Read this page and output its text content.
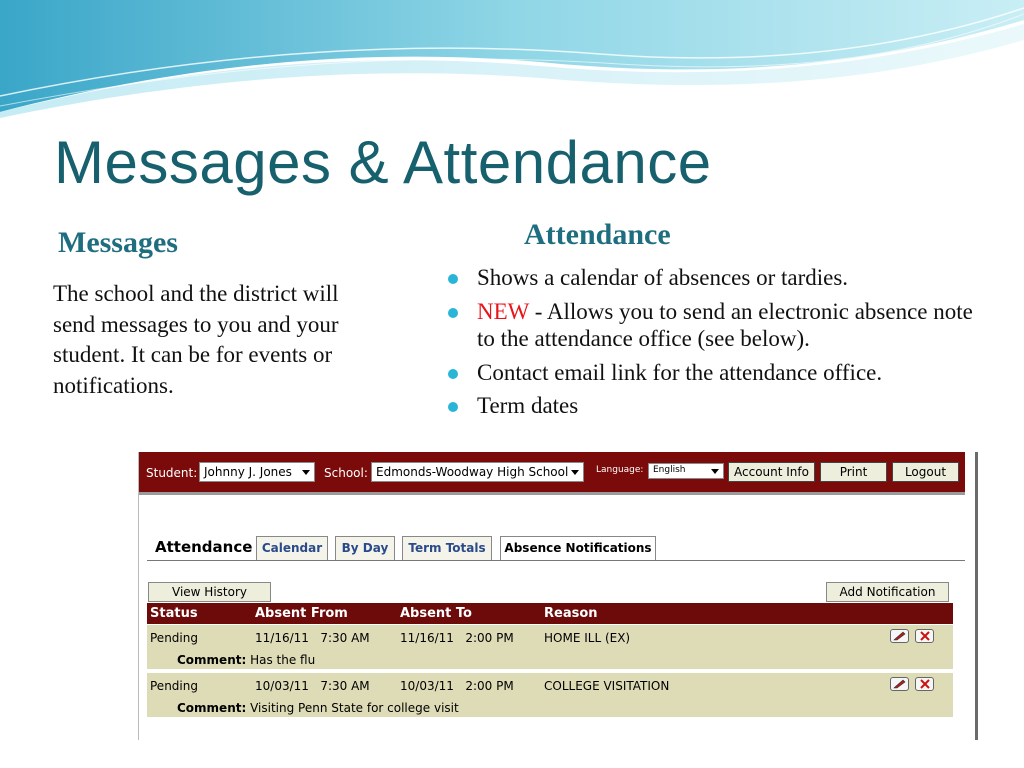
Messages & Attendance
Messages	Attendance
The school and the district will send messages to you and your student. It can be for events or notifications.
Shows a calendar of absences or tardies.
NEW - Allows you to send an electronic absence note to the attendance office (see below).
Contact email link for the attendance office.
Term dates
Student: Johnny J. Jones	School: Edmonds-Woodway High School	Language:	English	Account Info	Print	Logout
Attendance Calendar	By Day	Term Totals	Absence Notifications
View History	Add Notification
Status	Absent From	Absent To	Reason
Pending	11/16/11   7:30 AM	11/16/11   2:00 PM	HOME ILL (EX)
Comment: Has the flu
Pending	10/03/11   7:30 AM	10/03/11   2:00 PM	COLLEGE VISITATION
Comment: Visiting Penn State for college visit
